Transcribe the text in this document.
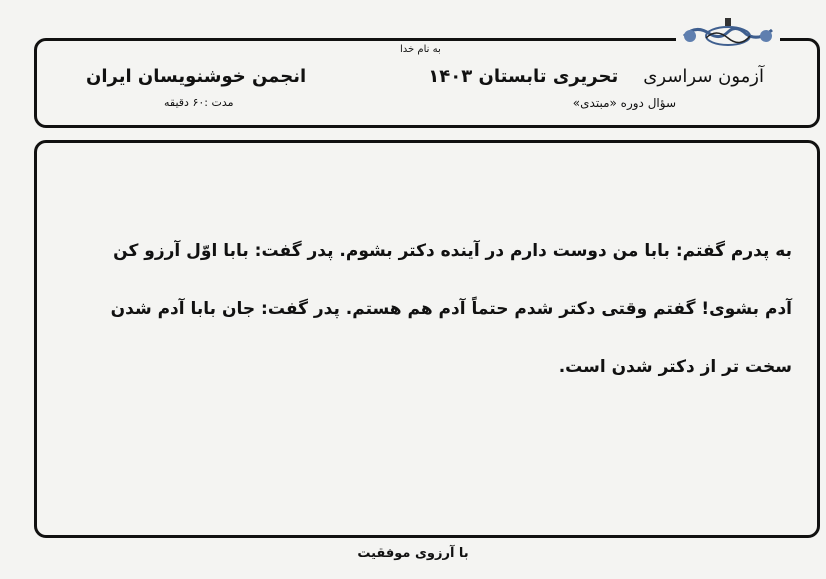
به نام خدا
آزمون سراسری    تحریری تابستان ۱۴۰۳
انجمن خوشنویسان ایران
سؤال دوره «مبتدی»
مدت :۶۰ دقیقه
به پدرم گفتم: بابا من دوست دارم در آینده دکتر بشوم. پدر گفت: بابا اوّل آرزو کن
آدم بشوی! گفتم وقتی دکتر شدم حتماً آدم هم هستم. پدر گفت: جان بابا آدم شدن
سخت تر از دکتر شدن است.
با آرزوی موفقیت
